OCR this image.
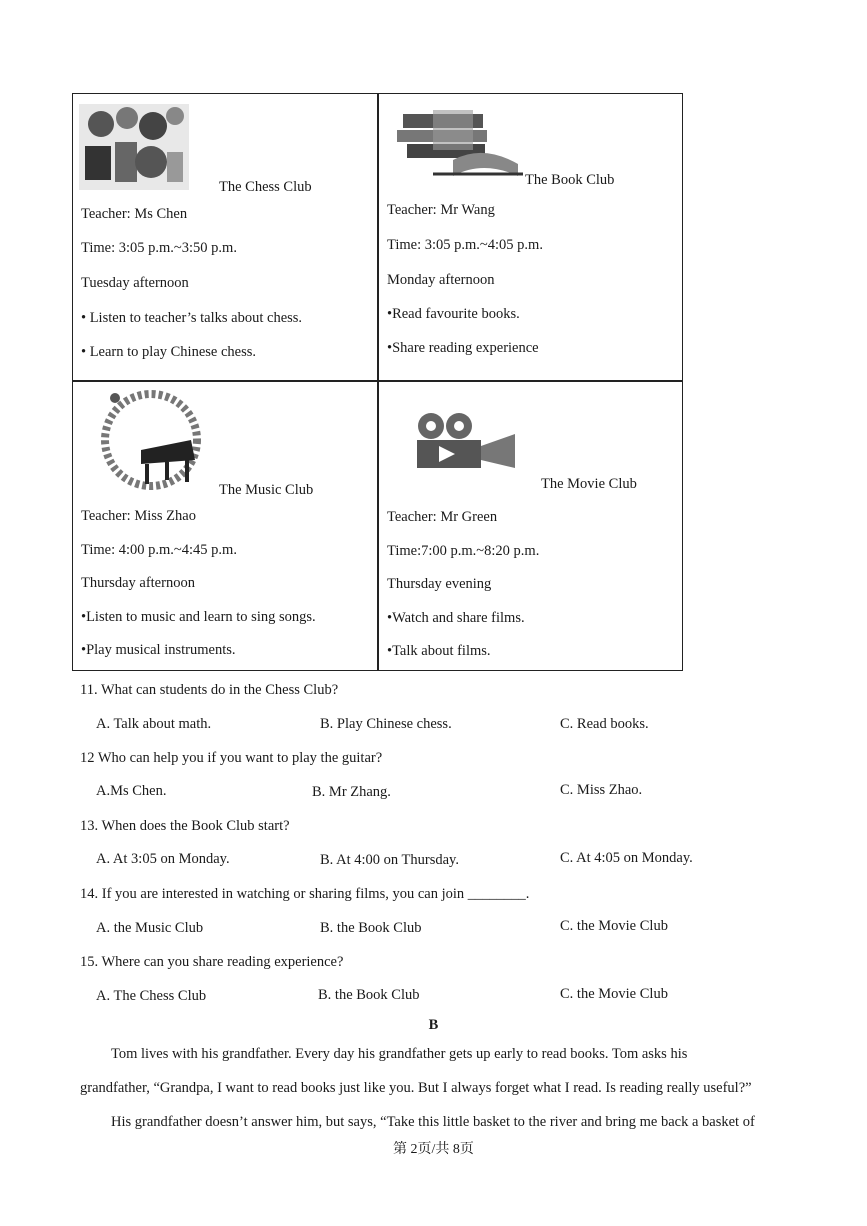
The Chess Club
Teacher: Ms Chen
Time: 3:05 p.m.~3:50 p.m.
Tuesday afternoon
• Listen to teacher’s talks about chess.
• Learn to play Chinese chess.
The Book Club
Teacher: Mr Wang
Time: 3:05 p.m.~4:05 p.m.
Monday afternoon
•Read favourite books.
•Share reading experience
The Music Club
Teacher: Miss Zhao
Time: 4:00 p.m.~4:45 p.m.
Thursday afternoon
•Listen to music and learn to sing songs.
•Play musical instruments.
The Movie Club
Teacher: Mr Green
Time:7:00 p.m.~8:20 p.m.
Thursday evening
•Watch and share films.
•Talk about films.
11. What can students do in the Chess Club?
A. Talk about math.	B. Play Chinese chess.	C. Read books.
12 Who can help you if you want to play the guitar?
A.Ms Chen.	B. Mr Zhang.	C. Miss Zhao.
13. When does the Book Club start?
A. At 3:05 on Monday.	B. At 4:00 on Thursday.	C. At 4:05 on Monday.
14. If you are interested in watching or sharing films, you can join ________.
A. the Music Club	B. the Book Club	C. the Movie Club
15. Where can you share reading experience?
A. The Chess Club	B. the Book Club	C. the Movie Club
B
Tom lives with his grandfather. Every day his grandfather gets up early to read books. Tom asks his
grandfather, “Grandpa, I want to read books just like you. But I always forget what I read. Is reading really useful?”
His grandfather doesn’t answer him, but says, “Take this little basket to the river and bring me back a basket of
第 2页/共 8页
